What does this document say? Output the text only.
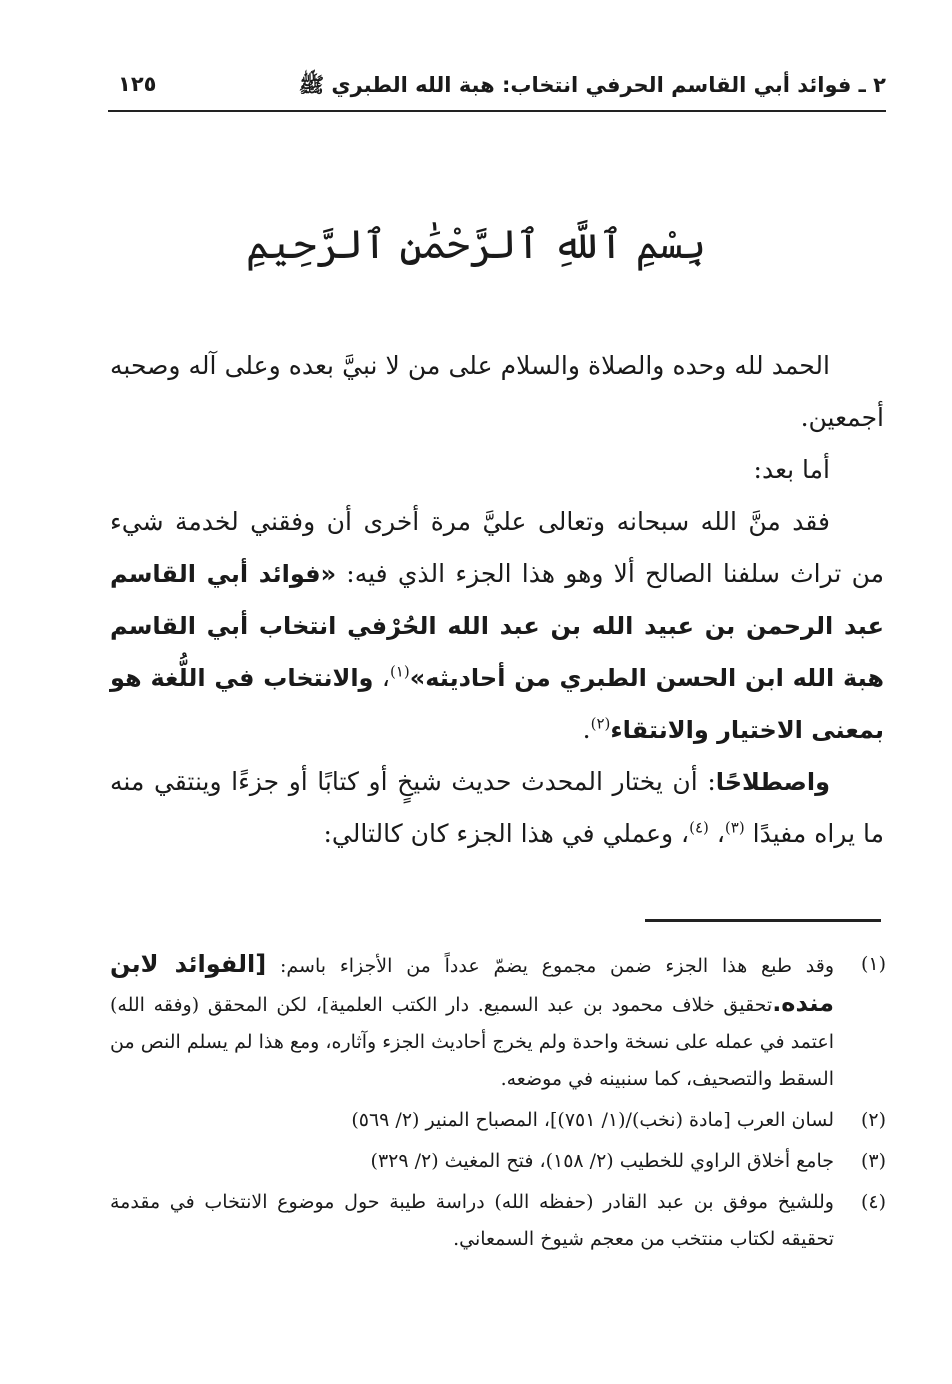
٢ ـ فوائد أبي القاسم الحرفي انتخاب: هبة الله الطبري ﷺ
١٢٥
بِسْمِ ٱللَّهِ ٱلرَّحْمَٰنِ ٱلرَّحِيمِ

الحمد لله وحده والصلاة والسلام على من لا نبيَّ بعده وعلى آله وصحبه أجمعين.

أما بعد:

فقد منَّ الله سبحانه وتعالى عليَّ مرة أخرى أن وفقني لخدمة شيء من تراث سلفنا الصالح ألا وهو هذا الجزء الذي فيه: «فوائد أبي القاسم عبد الرحمن بن عبيد الله بن عبد الله الحُرْفي انتخاب أبي القاسم هبة الله ابن الحسن الطبري من أحاديثه»$^{(١)}$، والانتخاب في اللُّغة هو بمعنى الاختيار والانتقاء$^{(٢)}$.

واصطلاحًا: أن يختار المحدث حديث شيخٍ أو كتابًا أو جزءًا وينتقي منه ما يراه مفيدًا $^{(٣)}$، $^{(٤)}$، وعملي في هذا الجزء كان كالتالي:

(١)
وقد طبع هذا الجزء ضمن مجموع يضمّ عدداً من الأجزاء باسم: [الفوائد لابن منده.تحقيق خلاف محمود بن عبد السميع. دار الكتب العلمية]، لكن المحقق (وفقه الله) اعتمد في عمله على نسخة واحدة ولم يخرج أحاديث الجزء وآثاره، ومع هذا لم يسلم النص من السقط والتصحيف، كما سنبينه في موضعه.
(٢)
لسان العرب [مادة (نخب)/(١/ ٧٥١)]، المصباح المنير (٢/ ٥٦٩)
(٣)
جامع أخلاق الراوي للخطيب (٢/ ١٥٨)، فتح المغيث (٢/ ٣٢٩)
(٤)
وللشيخ موفق بن عبد القادر (حفظه الله) دراسة طيبة حول موضوع الانتخاب في مقدمة تحقيقه لكتاب منتخب من معجم شيوخ السمعاني.
